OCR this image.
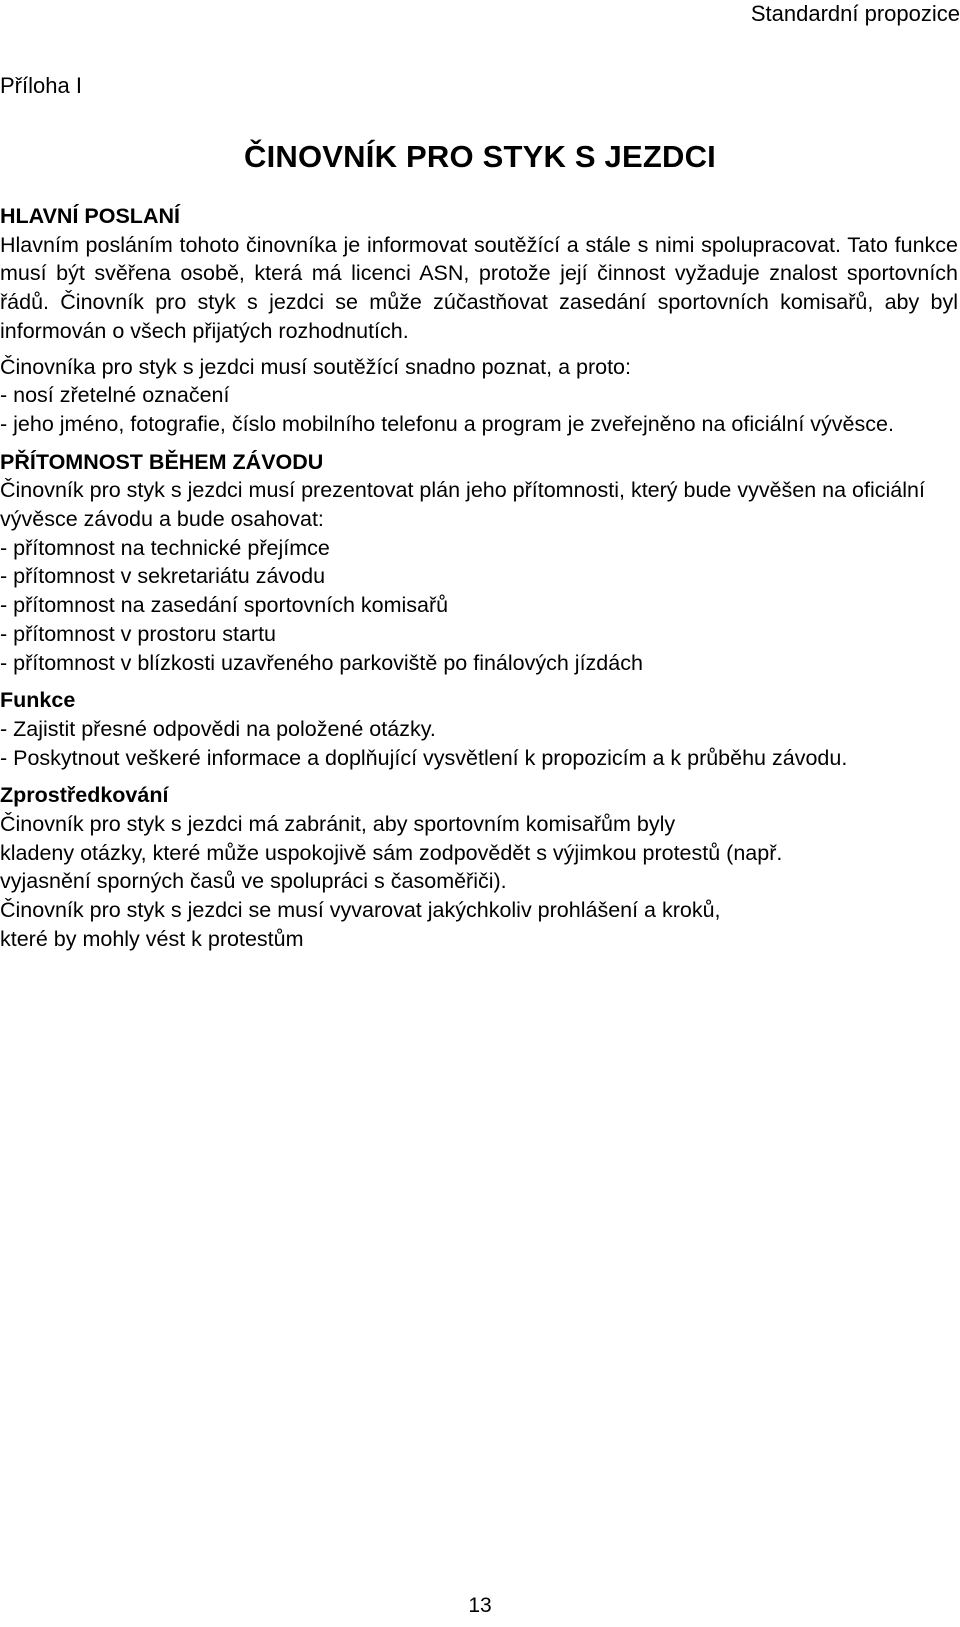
Standardní propozice
Příloha I
ČINOVNÍK PRO STYK S JEZDCI

HLAVNÍ POSLANÍ

Hlavním posláním tohoto činovníka je informovat soutěžící a stále s nimi spolupracovat. Tato funkce musí být svěřena osobě, která má licenci ASN, protože její činnost vyžaduje znalost sportovních řádů. Činovník pro styk s jezdci se může zúčastňovat zasedání sportovních komisařů, aby byl informován o všech přijatých rozhodnutích.

Činovníka pro styk s jezdci musí soutěžící snadno poznat, a proto:

- nosí zřetelné označení

- jeho jméno, fotografie, číslo mobilního telefonu a program je zveřejněno na oficiální vývěsce.

PŘÍTOMNOST BĚHEM ZÁVODU

Činovník pro styk s jezdci musí prezentovat plán jeho přítomnosti, který bude vyvěšen na oficiální vývěsce závodu a bude osahovat:

- přítomnost na technické přejímce

- přítomnost v sekretariátu závodu

- přítomnost na zasedání sportovních komisařů

- přítomnost v prostoru startu

- přítomnost v blízkosti uzavřeného parkoviště po finálových jízdách

Funkce

- Zajistit přesné odpovědi na položené otázky.

- Poskytnout veškeré informace a doplňující vysvětlení k propozicím a k průběhu závodu.

Zprostředkování

Činovník pro styk s jezdci má zabránit, aby sportovním komisařům byly

kladeny otázky, které může uspokojivě sám zodpovědět s výjimkou protestů (např.

vyjasnění sporných časů ve spolupráci s časoměřiči).

Činovník pro styk s jezdci se musí vyvarovat jakýchkoliv prohlášení a kroků,

které by mohly vést k protestům

13
